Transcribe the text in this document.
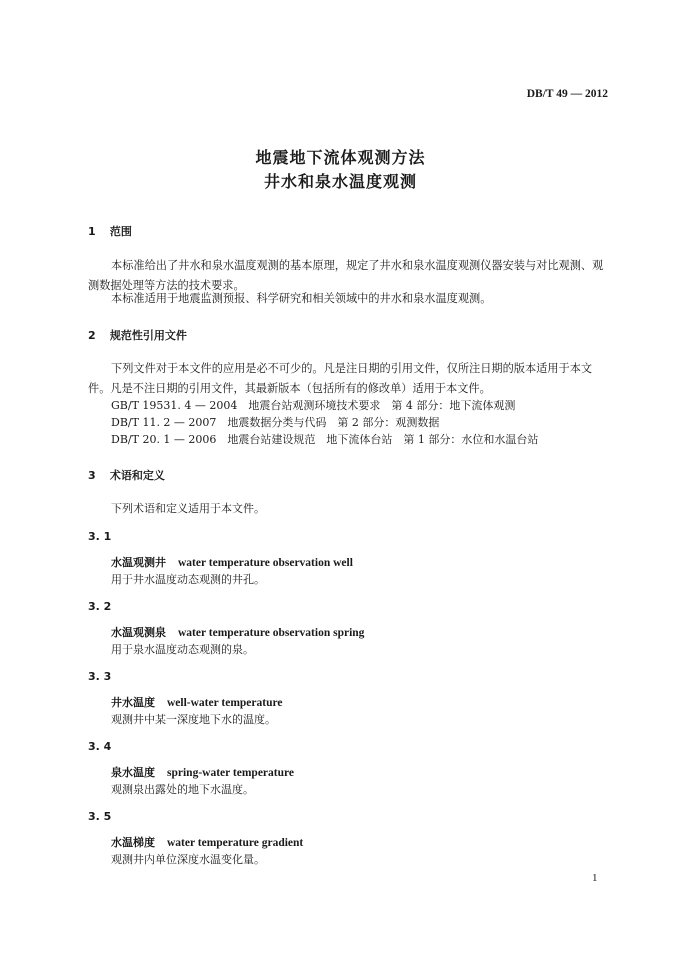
DB/T 49 — 2012
地震地下流体观测方法
井水和泉水温度观测
1 范围
本标准给出了井水和泉水温度观测的基本原理，规定了井水和泉水温度观测仪器安装与对比观测、观测数据处理等方法的技术要求。
本标准适用于地震监测预报、科学研究和相关领域中的井水和泉水温度观测。
2 规范性引用文件
下列文件对于本文件的应用是必不可少的。凡是注日期的引用文件，仅所注日期的版本适用于本文件。凡是不注日期的引用文件，其最新版本（包括所有的修改单）适用于本文件。
GB/T 19531. 4 — 2004　地震台站观测环境技术要求　第 4 部分：地下流体观测
DB/T 11. 2 — 2007　地震数据分类与代码　第 2 部分：观测数据
DB/T 20. 1 — 2006　地震台站建设规范　地下流体台站　第 1 部分：水位和水温台站
3 术语和定义
下列术语和定义适用于本文件。
3. 1
水温观测井 water temperature observation well
用于井水温度动态观测的井孔。
3. 2
水温观测泉 water temperature observation spring
用于泉水温度动态观测的泉。
3. 3
井水温度 well-water temperature
观测井中某一深度地下水的温度。
3. 4
泉水温度 spring-water temperature
观测泉出露处的地下水温度。
3. 5
水温梯度 water temperature gradient
观测井内单位深度水温变化量。
1
